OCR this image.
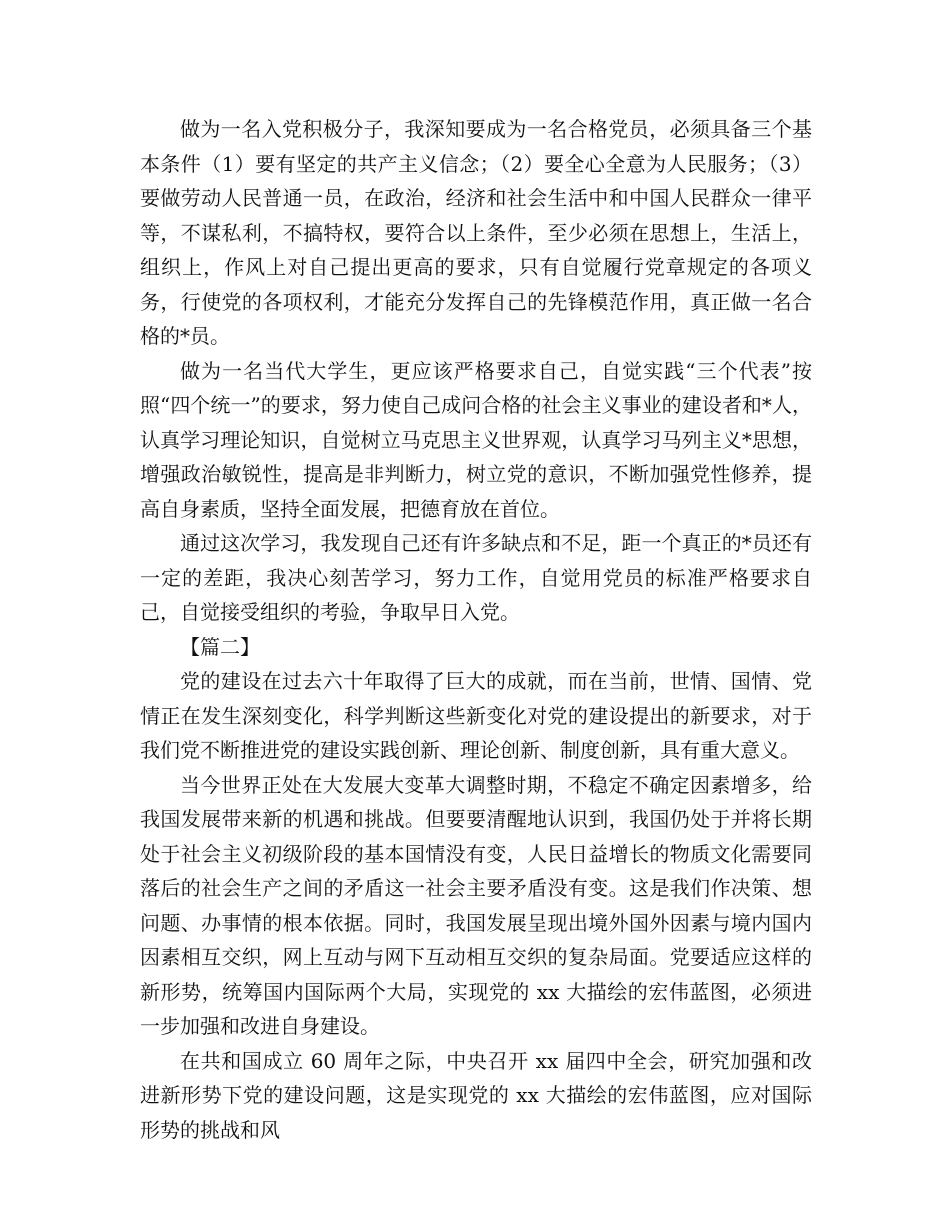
做为一名入党积极分子，我深知要成为一名合格党员，必须具备三个基本条件（1）要有坚定的共产主义信念；（2）要全心全意为人民服务；（3）要做劳动人民普通一员，在政治，经济和社会生活中和中国人民群众一律平等，不谋私利，不搞特权，要符合以上条件，至少必须在思想上，生活上，组织上，作风上对自己提出更高的要求，只有自觉履行党章规定的各项义务，行使党的各项权利，才能充分发挥自己的先锋模范作用，真正做一名合格的*员。

做为一名当代大学生，更应该严格要求自己，自觉实践“三个代表”按照“四个统一”的要求，努力使自己成问合格的社会主义事业的建设者和*人，认真学习理论知识，自觉树立马克思主义世界观，认真学习马列主义*思想，增强政治敏锐性，提高是非判断力，树立党的意识，不断加强党性修养，提高自身素质，坚持全面发展，把德育放在首位。

通过这次学习，我发现自己还有许多缺点和不足，距一个真正的*员还有一定的差距，我决心刻苦学习，努力工作，自觉用党员的标准严格要求自己，自觉接受组织的考验，争取早日入党。

【篇二】

党的建设在过去六十年取得了巨大的成就，而在当前，世情、国情、党情正在发生深刻变化，科学判断这些新变化对党的建设提出的新要求，对于我们党不断推进党的建设实践创新、理论创新、制度创新，具有重大意义。

当今世界正处在大发展大变革大调整时期，不稳定不确定因素增多，给我国发展带来新的机遇和挑战。但要要清醒地认识到，我国仍处于并将长期处于社会主义初级阶段的基本国情没有变，人民日益增长的物质文化需要同落后的社会生产之间的矛盾这一社会主要矛盾没有变。这是我们作决策、想问题、办事情的根本依据。同时，我国发展呈现出境外国外因素与境内国内因素相互交织，网上互动与网下互动相互交织的复杂局面。党要适应这样的新形势，统筹国内国际两个大局，实现党的 xx 大描绘的宏伟蓝图，必须进一步加强和改进自身建设。

在共和国成立 60 周年之际，中央召开 xx 届四中全会，研究加强和改进新形势下党的建设问题，这是实现党的 xx 大描绘的宏伟蓝图，应对国际形势的挑战和风
